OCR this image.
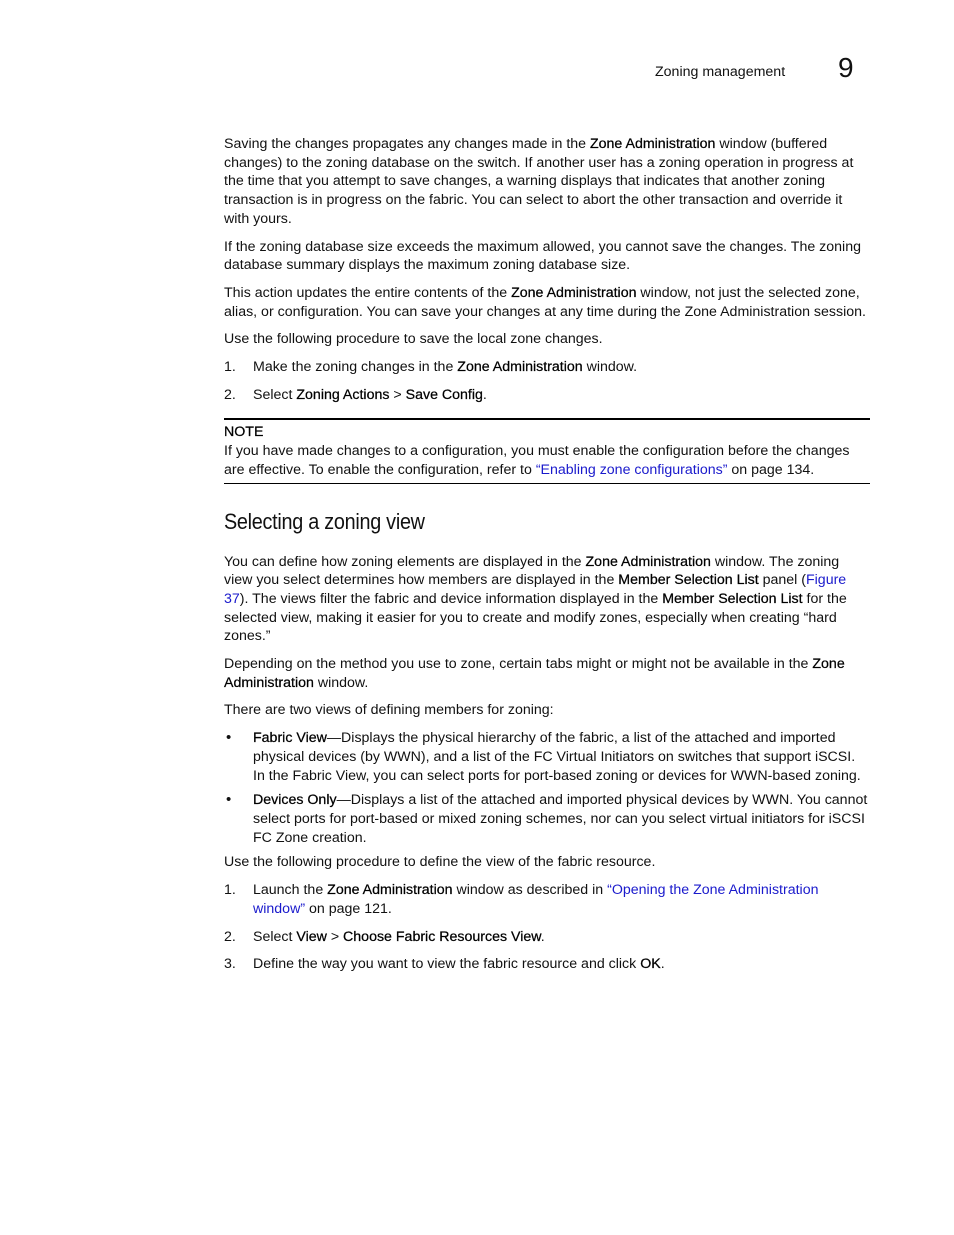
Zoning management 9

Saving the changes propagates any changes made in the Zone Administration window (buffered changes) to the zoning database on the switch. If another user has a zoning operation in progress at the time that you attempt to save changes, a warning displays that indicates that another zoning transaction is in progress on the fabric. You can select to abort the other transaction and override it with yours.

If the zoning database size exceeds the maximum allowed, you cannot save the changes. The zoning database summary displays the maximum zoning database size.

This action updates the entire contents of the Zone Administration window, not just the selected zone, alias, or configuration. You can save your changes at any time during the Zone Administration session.

Use the following procedure to save the local zone changes.

1. Make the zoning changes in the Zone Administration window.
2. Select Zoning Actions > Save Config.
NOTE

If you have made changes to a configuration, you must enable the configuration before the changes are effective. To enable the configuration, refer to “Enabling zone configurations” on page 134.

Selecting a zoning view

You can define how zoning elements are displayed in the Zone Administration window. The zoning view you select determines how members are displayed in the Member Selection List panel (Figure 37). The views filter the fabric and device information displayed in the Member Selection List for the selected view, making it easier for you to create and modify zones, especially when creating “hard zones.”

Depending on the method you use to zone, certain tabs might or might not be available in the Zone Administration window.

There are two views of defining members for zoning:

• Fabric View—Displays the physical hierarchy of the fabric, a list of the attached and imported physical devices (by WWN), and a list of the FC Virtual Initiators on switches that support iSCSI. In the Fabric View, you can select ports for port-based zoning or devices for WWN-based zoning.
• Devices Only—Displays a list of the attached and imported physical devices by WWN. You cannot select ports for port-based or mixed zoning schemes, nor can you select virtual initiators for iSCSI FC Zone creation.

Use the following procedure to define the view of the fabric resource.

1. Launch the Zone Administration window as described in “Opening the Zone Administration window” on page 121.
2. Select View > Choose Fabric Resources View.
3. Define the way you want to view the fabric resource and click OK.
